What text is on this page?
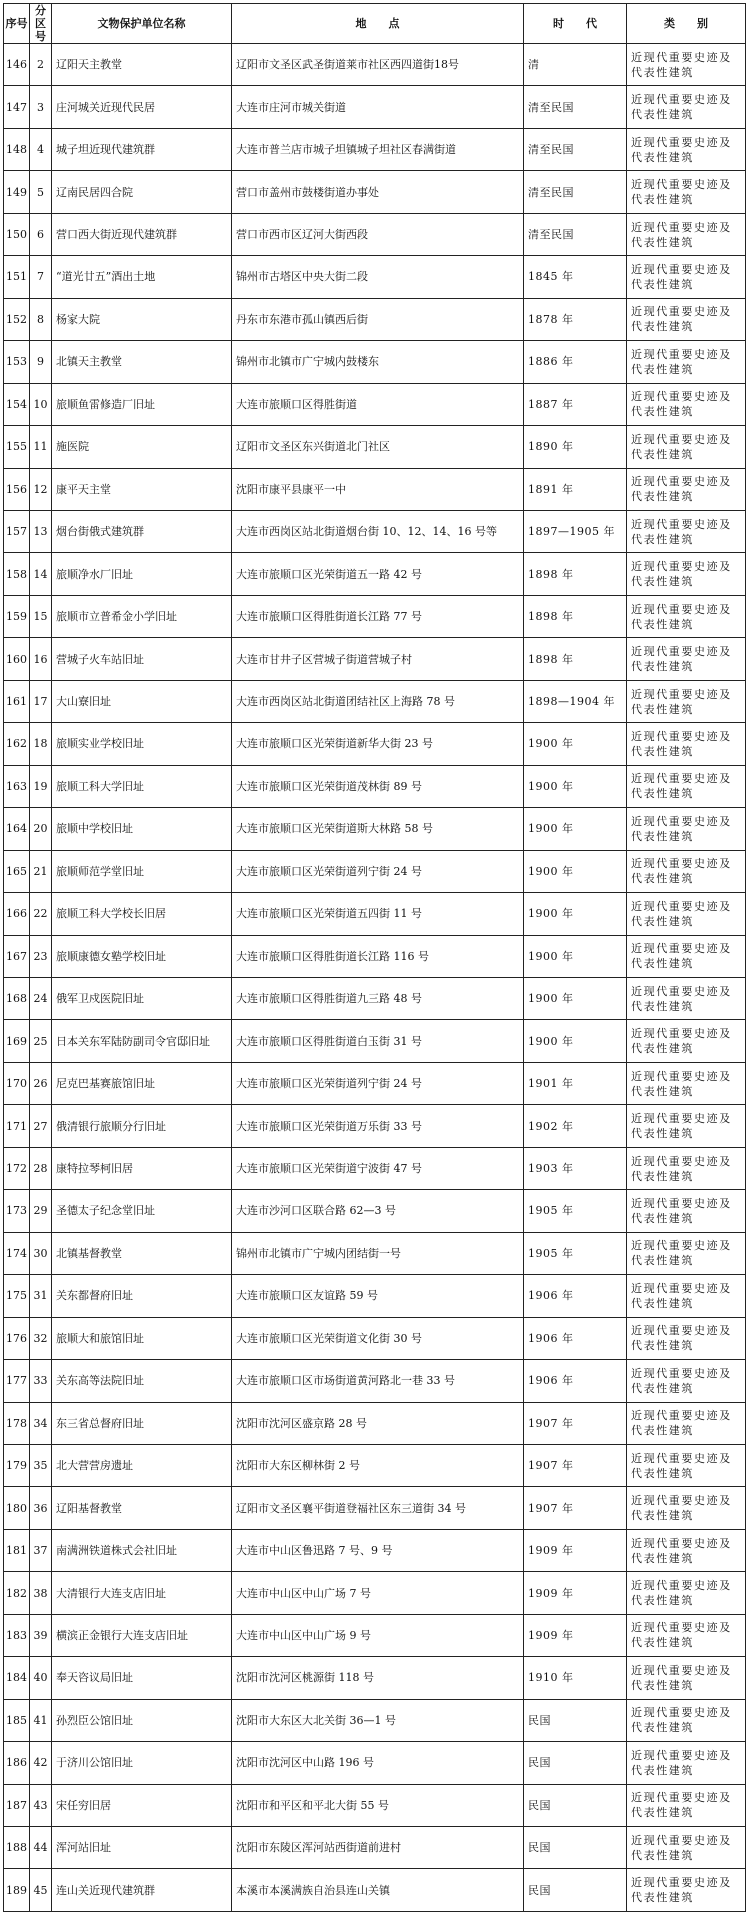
序号	分区号	文物保护单位名称	地　　点	时　　代	类　　别
146	2	辽阳天主教堂	辽阳市文圣区武圣街道莱市社区西四道街18号	清	近现代重要史迹及代表性建筑
147	3	庄河城关近现代民居	大连市庄河市城关街道	清至民国	近现代重要史迹及代表性建筑
148	4	城子坦近现代建筑群	大连市普兰店市城子坦镇城子坦社区春满街道	清至民国	近现代重要史迹及代表性建筑
149	5	辽南民居四合院	营口市盖州市鼓楼街道办事处	清至民国	近现代重要史迹及代表性建筑
150	6	营口西大街近现代建筑群	营口市西市区辽河大街西段	清至民国	近现代重要史迹及代表性建筑
151	7	“道光廿五”酒出土地	锦州市古塔区中央大街二段	1845 年	近现代重要史迹及代表性建筑
152	8	杨家大院	丹东市东港市孤山镇西后街	1878 年	近现代重要史迹及代表性建筑
153	9	北镇天主教堂	锦州市北镇市广宁城内鼓楼东	1886 年	近现代重要史迹及代表性建筑
154	10	旅顺鱼雷修造厂旧址	大连市旅顺口区得胜街道	1887 年	近现代重要史迹及代表性建筑
155	11	施医院	辽阳市文圣区东兴街道北门社区	1890 年	近现代重要史迹及代表性建筑
156	12	康平天主堂	沈阳市康平县康平一中	1891 年	近现代重要史迹及代表性建筑
157	13	烟台街俄式建筑群	大连市西岗区站北街道烟台街 10、12、14、16 号等	1897—1905 年	近现代重要史迹及代表性建筑
158	14	旅顺净水厂旧址	大连市旅顺口区光荣街道五一路 42 号	1898 年	近现代重要史迹及代表性建筑
159	15	旅顺市立普希金小学旧址	大连市旅顺口区得胜街道长江路 77 号	1898 年	近现代重要史迹及代表性建筑
160	16	营城子火车站旧址	大连市甘井子区营城子街道营城子村	1898 年	近现代重要史迹及代表性建筑
161	17	大山寮旧址	大连市西岗区站北街道团结社区上海路 78 号	1898—1904 年	近现代重要史迹及代表性建筑
162	18	旅顺实业学校旧址	大连市旅顺口区光荣街道新华大街 23 号	1900 年	近现代重要史迹及代表性建筑
163	19	旅顺工科大学旧址	大连市旅顺口区光荣街道茂林街 89 号	1900 年	近现代重要史迹及代表性建筑
164	20	旅顺中学校旧址	大连市旅顺口区光荣街道斯大林路 58 号	1900 年	近现代重要史迹及代表性建筑
165	21	旅顺师范学堂旧址	大连市旅顺口区光荣街道列宁街 24 号	1900 年	近现代重要史迹及代表性建筑
166	22	旅顺工科大学校长旧居	大连市旅顺口区光荣街道五四街 11 号	1900 年	近现代重要史迹及代表性建筑
167	23	旅顺康德女塾学校旧址	大连市旅顺口区得胜街道长江路 116 号	1900 年	近现代重要史迹及代表性建筑
168	24	俄军卫戍医院旧址	大连市旅顺口区得胜街道九三路 48 号	1900 年	近现代重要史迹及代表性建筑
169	25	日本关东军陆防副司令官邸旧址	大连市旅顺口区得胜街道白玉街 31 号	1900 年	近现代重要史迹及代表性建筑
170	26	尼克巴基赛旅馆旧址	大连市旅顺口区光荣街道列宁街 24 号	1901 年	近现代重要史迹及代表性建筑
171	27	俄清银行旅顺分行旧址	大连市旅顺口区光荣街道万乐街 33 号	1902 年	近现代重要史迹及代表性建筑
172	28	康特拉琴柯旧居	大连市旅顺口区光荣街道宁波街 47 号	1903 年	近现代重要史迹及代表性建筑
173	29	圣德太子纪念堂旧址	大连市沙河口区联合路 62—3 号	1905 年	近现代重要史迹及代表性建筑
174	30	北镇基督教堂	锦州市北镇市广宁城内团结街一号	1905 年	近现代重要史迹及代表性建筑
175	31	关东都督府旧址	大连市旅顺口区友谊路 59 号	1906 年	近现代重要史迹及代表性建筑
176	32	旅顺大和旅馆旧址	大连市旅顺口区光荣街道文化街 30 号	1906 年	近现代重要史迹及代表性建筑
177	33	关东高等法院旧址	大连市旅顺口区市场街道黄河路北一巷 33 号	1906 年	近现代重要史迹及代表性建筑
178	34	东三省总督府旧址	沈阳市沈河区盛京路 28 号	1907 年	近现代重要史迹及代表性建筑
179	35	北大营营房遗址	沈阳市大东区柳林街 2 号	1907 年	近现代重要史迹及代表性建筑
180	36	辽阳基督教堂	辽阳市文圣区襄平街道登福社区东三道街 34 号	1907 年	近现代重要史迹及代表性建筑
181	37	南满洲铁道株式会社旧址	大连市中山区鲁迅路 7 号、9 号	1909 年	近现代重要史迹及代表性建筑
182	38	大清银行大连支店旧址	大连市中山区中山广场 7 号	1909 年	近现代重要史迹及代表性建筑
183	39	横滨正金银行大连支店旧址	大连市中山区中山广场 9 号	1909 年	近现代重要史迹及代表性建筑
184	40	奉天咨议局旧址	沈阳市沈河区桃源街 118 号	1910 年	近现代重要史迹及代表性建筑
185	41	孙烈臣公馆旧址	沈阳市大东区大北关街 36—1 号	民国	近现代重要史迹及代表性建筑
186	42	于济川公馆旧址	沈阳市沈河区中山路 196 号	民国	近现代重要史迹及代表性建筑
187	43	宋任穷旧居	沈阳市和平区和平北大街 55 号	民国	近现代重要史迹及代表性建筑
188	44	浑河站旧址	沈阳市东陵区浑河站西街道前进村	民国	近现代重要史迹及代表性建筑
189	45	连山关近现代建筑群	本溪市本溪满族自治县连山关镇	民国	近现代重要史迹及代表性建筑
